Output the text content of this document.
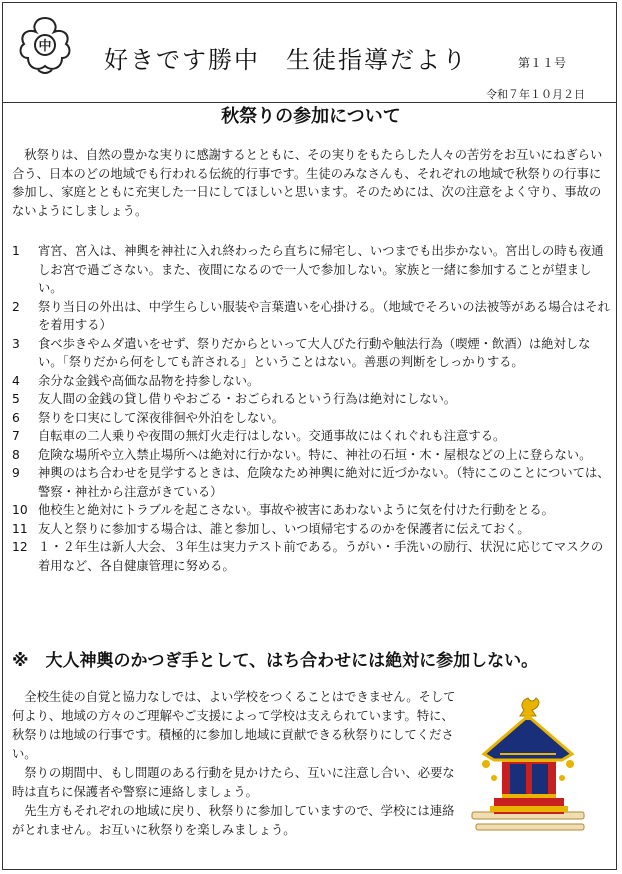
中 好きです勝中　生徒指導だより	第１１号
令和７年１０月２日
秋祭りの参加について
秋祭りは、自然の豊かな実りに感謝するとともに、その実りをもたらした人々の苦労をお互いにねぎらい合う、日本のどの地域でも行われる伝統的行事です。生徒のみなさんも、それぞれの地域で秋祭りの行事に参加し、家庭とともに充実した一日にしてほしいと思います。そのためには、次の注意をよく守り、事故のないようにしましょう。
1	宵宮、宮入は、神輿を神社に入れ終わったら直ちに帰宅し、いつまでも出歩かない。宮出しの時も夜通しお宮で過ごさない。また、夜間になるので一人で参加しない。家族と一緒に参加することが望ましい。
2	祭り当日の外出は、中学生らしい服装や言葉遣いを心掛ける。（地域でそろいの法被等がある場合はそれを着用する）
3	食べ歩きやムダ遣いをせず、祭りだからといって大人びた行動や触法行為（喫煙・飲酒）は絶対しない。「祭りだから何をしても許される」ということはない。善悪の判断をしっかりする。
4	余分な金銭や高価な品物を持参しない。
5	友人間の金銭の貸し借りやおごる・おごられるという行為は絶対にしない。
6	祭りを口実にして深夜徘徊や外泊をしない。
7	自転車の二人乗りや夜間の無灯火走行はしない。交通事故にはくれぐれも注意する。
8	危険な場所や立入禁止場所へは絶対に行かない。特に、神社の石垣・木・屋根などの上に登らない。
9	神輿のはち合わせを見学するときは、危険なため神輿に絶対に近づかない。（特にこのことについては、警察・神社から注意がきている）
10 他校生と絶対にトラブルを起こさない。事故や被害にあわないように気を付けた行動をとる。
11 友人と祭りに参加する場合は、誰と参加し、いつ頃帰宅するのかを保護者に伝えておく。
12 １・２年生は新人大会、３年生は実力テスト前である。うがい・手洗いの励行、状況に応じてマスクの着用など、各自健康管理に努める。
※　大人神輿のかつぎ手として、はち合わせには絶対に参加しない。

全校生徒の自覚と協力なしでは、よい学校をつくることはできません。そして何より、地域の方々のご理解やご支援によって学校は支えられています。特に、秋祭りは地域の行事です。積極的に参加し地域に貢献できる秋祭りにしてください。

祭りの期間中、もし問題のある行動を見かけたら、互いに注意し合い、必要な時は直ちに保護者や警察に連絡しましょう。

先生方もそれぞれの地域に戻り、秋祭りに参加していますので、学校には連絡がとれません。お互いに秋祭りを楽しみましょう。
